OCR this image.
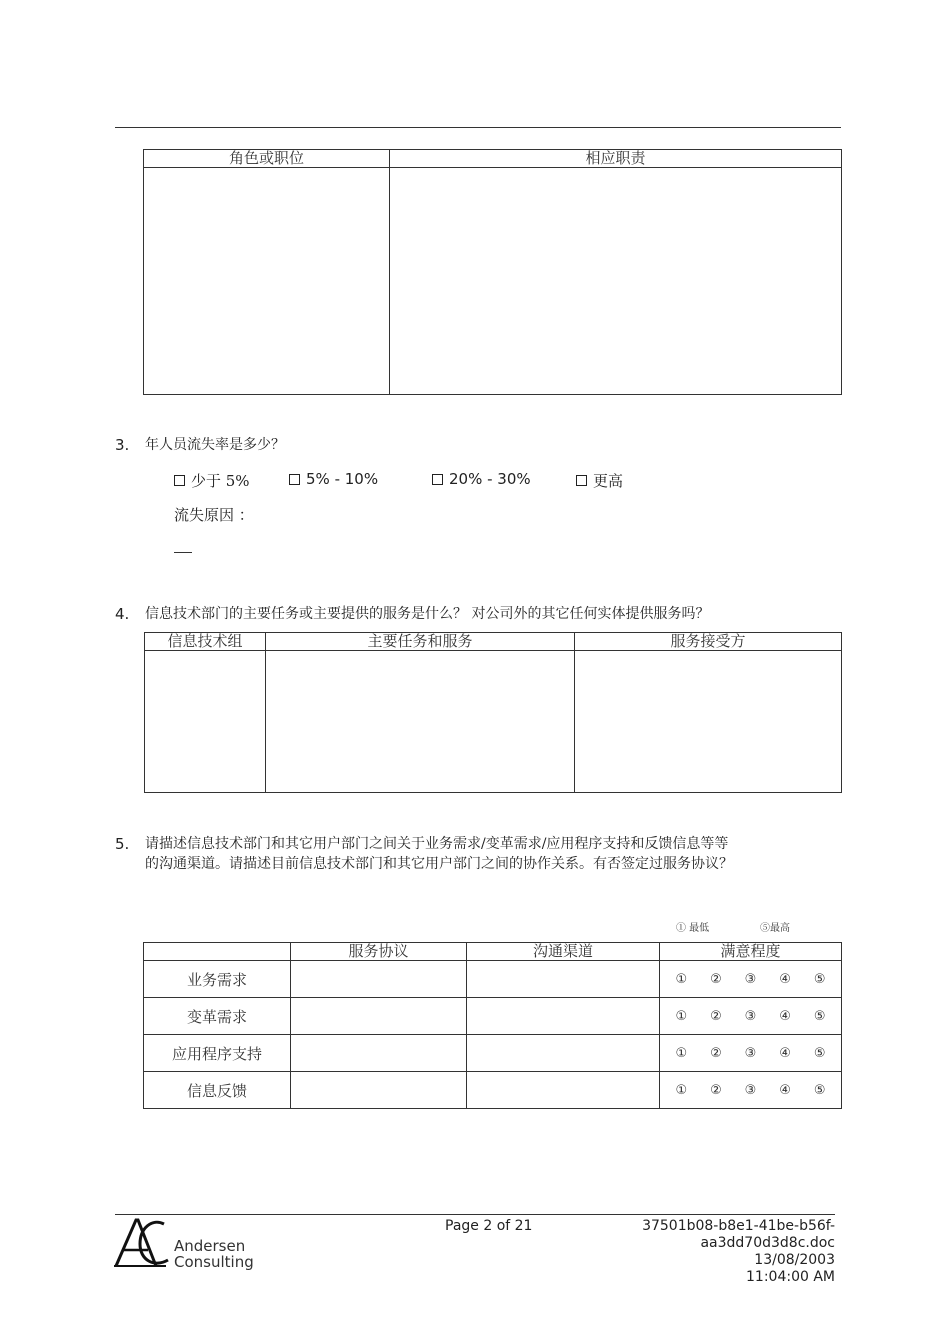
角色或职位	相应职责

3. 年人员流失率是多少？
少于 5%	5% - 10%	20% - 30%	更高
流失原因 ：
4. 信息技术部门的主要任务或主要提供的服务是什么？ 对公司外的其它任何实体提供服务吗？
信息技术组	主要任务和服务	服务接受方

5. 请描述信息技术部门和其它用户部门之间关于业务需求/变革需求/应用程序支持和反馈信息等等
的沟通渠道。请描述目前信息技术部门和其它用户部门之间的协作关系。有否签定过服务协议？
① 最低	⑤最高
	服务协议	沟通渠道	满意程度
业务需求			① ② ③ ④ ⑤

变革需求			① ② ③ ④ ⑤

应用程序支持			① ② ③ ④ ⑤

信息反馈			① ② ③ ④ ⑤
Andersen
Consulting
Page 2 of 21	37501b08-b8e1-41be-b56f-
aa3dd70d3d8c.doc
13/08/2003
11:04:00 AM
